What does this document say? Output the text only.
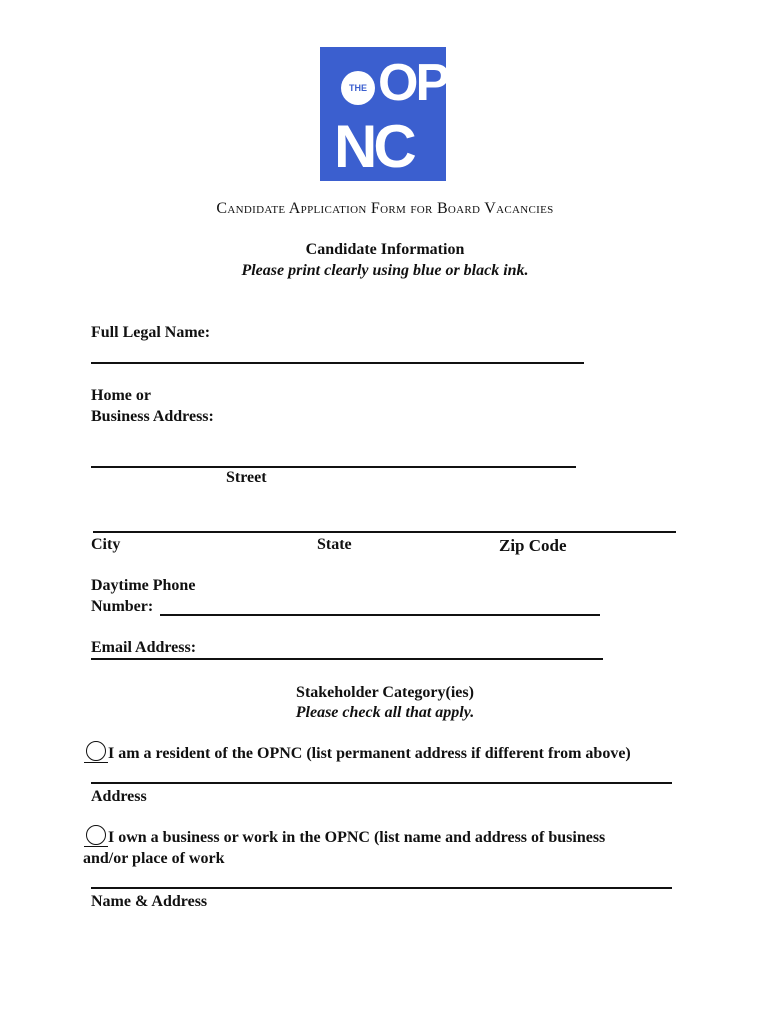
THE OP
NC
Candidate Application Form for Board Vacancies
Candidate Information
Please print clearly using blue or black ink.
Full Legal Name:
Home or
Business Address:
Street
City	State	Zip Code
Daytime Phone
Number:
Email Address:
Stakeholder Category(ies)
Please check all that apply.
I am a resident of the OPNC (list permanent address if different from above)
Address
I own a business or work in the OPNC (list name and address of business
and/or place of work
Name & Address
